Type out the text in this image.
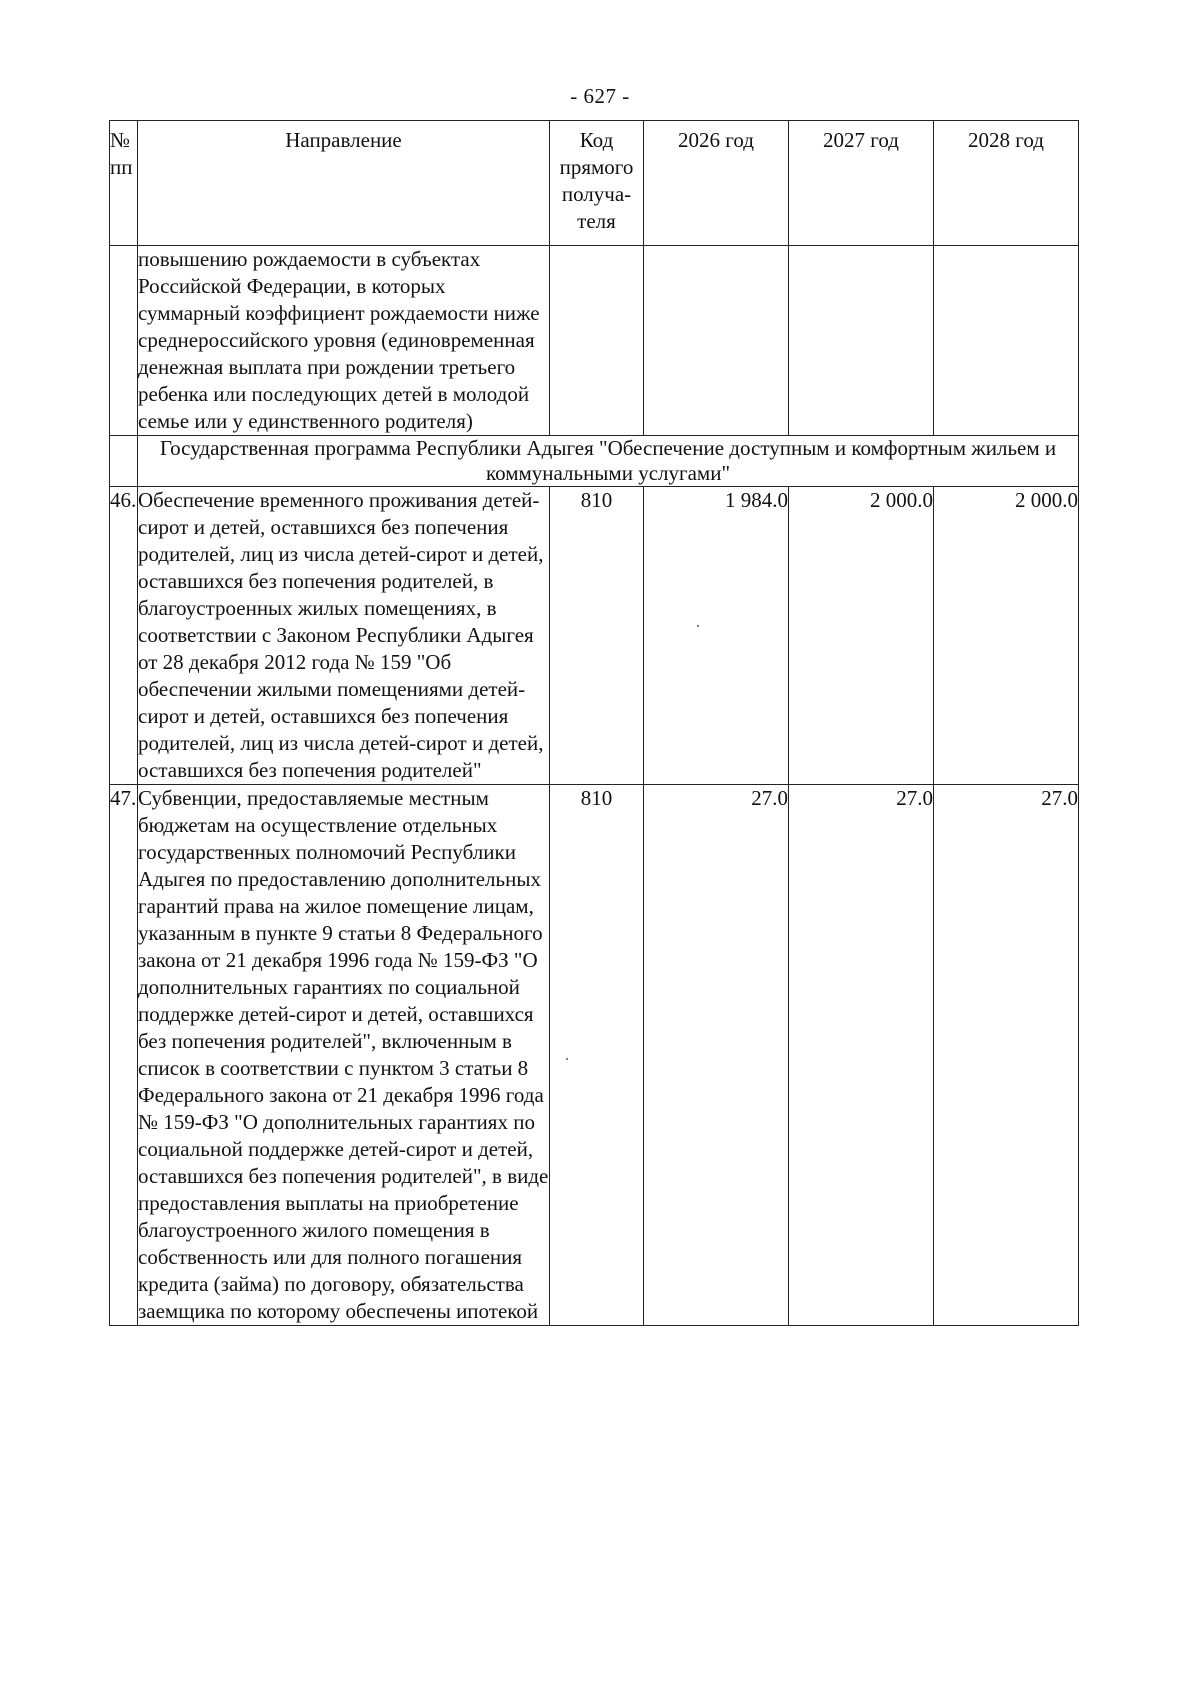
- 627 -
№ пп	Направление	Код прямого получа-теля	2026 год	2027 год	2028 год
	повышению рождаемости в субъектах Российской Федерации, в которых суммарный коэффициент рождаемости ниже среднероссийского уровня (единовременная денежная выплата при рождении третьего ребенка или последующих детей в молодой семье или у единственного родителя)				
	Государственная программа Республики Адыгея "Обеспечение доступным и комфортным жильем и коммунальными услугами"				
46.	Обеспечение временного проживания детей-сирот и детей, оставшихся без попечения родителей, лиц из числа детей-сирот и детей, оставшихся без попечения родителей, в благоустроенных жилых помещениях, в соответствии с Законом Республики Адыгея от 28 декабря 2012 года № 159 "Об обеспечении жилыми помещениями детей-сирот и детей, оставшихся без попечения родителей, лиц из числа детей-сирот и детей, оставшихся без попечения родителей"	810	1 984.0	2 000.0	2 000.0
47.	Субвенции, предоставляемые местным бюджетам на осуществление отдельных государственных полномочий Республики Адыгея по предоставлению дополнительных гарантий права на жилое помещение лицам, указанным в пункте 9 статьи 8 Федерального закона от 21 декабря 1996 года № 159-ФЗ "О дополнительных гарантиях по социальной поддержке детей-сирот и детей, оставшихся без попечения родителей", включенным в список в соответствии с пунктом 3 статьи 8 Федерального закона от 21 декабря 1996 года № 159-ФЗ "О дополнительных гарантиях по социальной поддержке детей-сирот и детей, оставшихся без попечения родителей", в виде предоставления выплаты на приобретение благоустроенного жилого помещения в собственность или для полного погашения кредита (займа) по договору, обязательства заемщика по которому обеспечены ипотекой	810	27.0	27.0	27.0
